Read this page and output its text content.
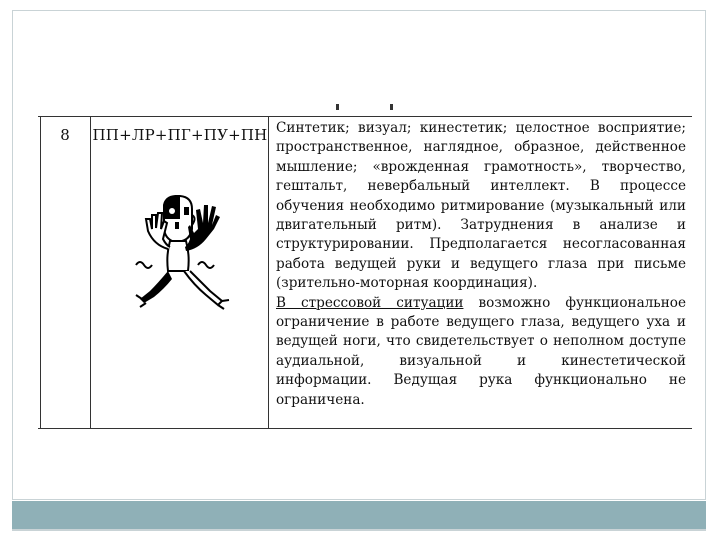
8	ПП+ЛР+ПГ+ПУ+ПН Синтетик; визуал; кинестетик; целостное восприятие; пространственное, наглядное, образное, действенное мышление; «врожденная грамотность», творчество, гештальт, невербальный интеллект. В процессе обучения необходимо ритмирование (музыкальный или двигательный ритм). Затруднения в анализе и структурировании. Предполагается несогласованная работа ведущей руки и ведущего глаза при письме (зрительно-моторная координация).

В стрессовой ситуации возможно функциональное ограничение в работе ведущего глаза, ведущего уха и ведущей ноги, что свидетельствует о неполном доступе аудиальной, визуальной и кинестетической информации. Ведущая рука функционально не ограничена.
